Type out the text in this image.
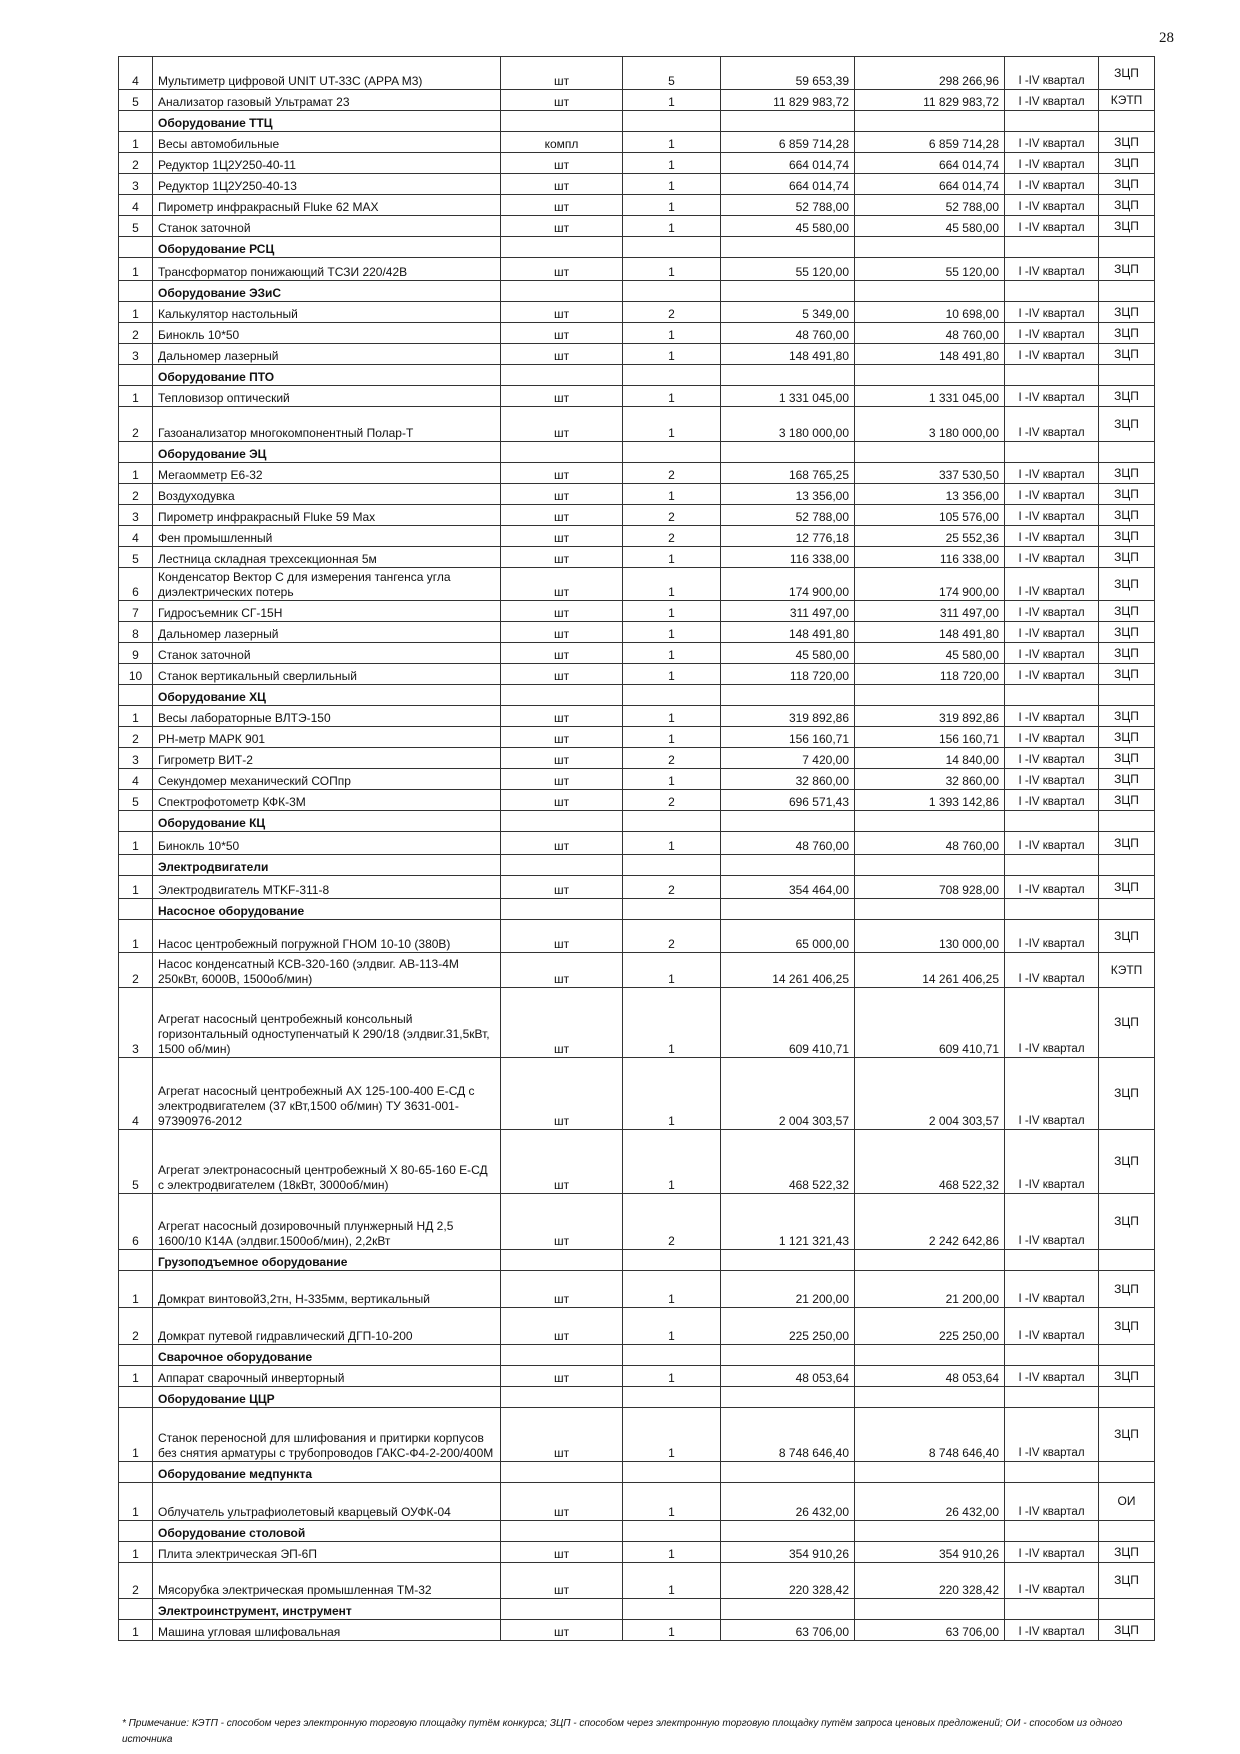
28
4	Мультиметр цифровой UNIT UT-33C (APPA M3)	шт	5	59 653,39	298 266,96	I -IV квартал	ЗЦП
5	Анализатор газовый Ультрамат 23	шт	1	11 829 983,72	11 829 983,72	I -IV квартал	КЭТП
	Оборудование ТТЦ						
1	Весы автомобильные	компл	1	6 859 714,28	6 859 714,28	I -IV квартал	ЗЦП
2	Редуктор 1Ц2У250-40-11	шт	1	664 014,74	664 014,74	I -IV квартал	ЗЦП
3	Редуктор 1Ц2У250-40-13	шт	1	664 014,74	664 014,74	I -IV квартал	ЗЦП
4	Пирометр инфракрасный Fluke 62 MAX	шт	1	52 788,00	52 788,00	I -IV квартал	ЗЦП
5	Станок заточной	шт	1	45 580,00	45 580,00	I -IV квартал	ЗЦП
	Оборудование РСЦ						
1	Трансформатор понижающий ТСЗИ 220/42В	шт	1	55 120,00	55 120,00	I -IV квартал	ЗЦП
	Оборудование ЭЗиС						
1	Калькулятор настольный	шт	2	5 349,00	10 698,00	I -IV квартал	ЗЦП
2	Бинокль 10*50	шт	1	48 760,00	48 760,00	I -IV квартал	ЗЦП
3	Дальномер лазерный	шт	1	148 491,80	148 491,80	I -IV квартал	ЗЦП
	Оборудование ПТО						
1	Тепловизор оптический	шт	1	1 331 045,00	1 331 045,00	I -IV квартал	ЗЦП
2	Газоанализатор многокомпонентный Полар-Т	шт	1	3 180 000,00	3 180 000,00	I -IV квартал	ЗЦП
	Оборудование ЭЦ						
1	Мегаомметр Е6-32	шт	2	168 765,25	337 530,50	I -IV квартал	ЗЦП
2	Воздуходувка	шт	1	13 356,00	13 356,00	I -IV квартал	ЗЦП
3	Пирометр инфракрасный Fluke 59 Max	шт	2	52 788,00	105 576,00	I -IV квартал	ЗЦП
4	Фен промышленный	шт	2	12 776,18	25 552,36	I -IV квартал	ЗЦП
5	Лестница складная трехсекционная 5м	шт	1	116 338,00	116 338,00	I -IV квартал	ЗЦП
6	Конденсатор Вектор С для измерения тангенса угла диэлектрических потерь	шт	1	174 900,00	174 900,00	I -IV квартал	ЗЦП
7	Гидросъемник СГ-15Н	шт	1	311 497,00	311 497,00	I -IV квартал	ЗЦП
8	Дальномер лазерный	шт	1	148 491,80	148 491,80	I -IV квартал	ЗЦП
9	Станок заточной	шт	1	45 580,00	45 580,00	I -IV квартал	ЗЦП
10	Станок вертикальный сверлильный	шт	1	118 720,00	118 720,00	I -IV квартал	ЗЦП
	Оборудование ХЦ						
1	Весы лабораторные ВЛТЭ-150	шт	1	319 892,86	319 892,86	I -IV квартал	ЗЦП
2	PH-метр МАРК 901	шт	1	156 160,71	156 160,71	I -IV квартал	ЗЦП
3	Гигрометр ВИТ-2	шт	2	7 420,00	14 840,00	I -IV квартал	ЗЦП
4	Секундомер механический СОПпр	шт	1	32 860,00	32 860,00	I -IV квартал	ЗЦП
5	Спектрофотометр КФК-3М	шт	2	696 571,43	1 393 142,86	I -IV квартал	ЗЦП
	Оборудование КЦ						
1	Бинокль 10*50	шт	1	48 760,00	48 760,00	I -IV квартал	ЗЦП
	Электродвигатели						
1	Электродвигатель MTKF-311-8	шт	2	354 464,00	708 928,00	I -IV квартал	ЗЦП
	Насосное оборудование						
1	Насос центробежный погружной ГНОМ 10-10 (380В)	шт	2	65 000,00	130 000,00	I -IV квартал	ЗЦП
2	Насос конденсатный КСВ-320-160 (элдвиг. АВ-113-4М 250кВт, 6000В, 1500об/мин)	шт	1	14 261 406,25	14 261 406,25	I -IV квартал	КЭТП
3	Агрегат насосный центробежный консольный горизонтальный одноступенчатый К 290/18 (элдвиг.31,5кВт, 1500 об/мин)	шт	1	609 410,71	609 410,71	I -IV квартал	ЗЦП
4	Агрегат насосный центробежный АХ 125-100-400 Е-СД с электродвигателем (37 кВт,1500 об/мин) ТУ 3631-001-97390976-2012	шт	1	2 004 303,57	2 004 303,57	I -IV квартал	ЗЦП
5	Агрегат электронасосный центробежный Х 80-65-160 Е-СД с электродвигателем (18кВт, 3000об/мин)	шт	1	468 522,32	468 522,32	I -IV квартал	ЗЦП
6	Агрегат насосный дозировочный плунжерный НД 2,5 1600/10 К14А (элдвиг.1500об/мин), 2,2кВт	шт	2	1 121 321,43	2 242 642,86	I -IV квартал	ЗЦП
	Грузоподъемное оборудование						
1	Домкрат винтовой3,2тн, Н-335мм, вертикальный	шт	1	21 200,00	21 200,00	I -IV квартал	ЗЦП
2	Домкрат путевой гидравлический ДГП-10-200	шт	1	225 250,00	225 250,00	I -IV квартал	ЗЦП
	Сварочное оборудование						
1	Аппарат сварочный инверторный	шт	1	48 053,64	48 053,64	I -IV квартал	ЗЦП
	Оборудование ЦЦР						
1	Станок переносной для шлифования и притирки корпусов без снятия арматуры с трубопроводов ГАКС-Ф4-2-200/400М	шт	1	8 748 646,40	8 748 646,40	I -IV квартал	ЗЦП
	Оборудование медпункта						
1	Облучатель ультрафиолетовый кварцевый ОУФК-04	шт	1	26 432,00	26 432,00	I -IV квартал	ОИ
	Оборудование столовой						
1	Плита электрическая ЭП-6П	шт	1	354 910,26	354 910,26	I -IV квартал	ЗЦП
2	Мясорубка электрическая промышленная ТМ-32	шт	1	220 328,42	220 328,42	I -IV квартал	ЗЦП
	Электроинструмент, инструмент						
1	Машина угловая шлифовальная	шт	1	63 706,00	63 706,00	I -IV квартал	ЗЦП
* Примечание: КЭТП - способом через электронную торговую площадку путём конкурса; ЗЦП - способом через электронную торговую площадку путём запроса ценовых предложений; ОИ - способом из одного источника
